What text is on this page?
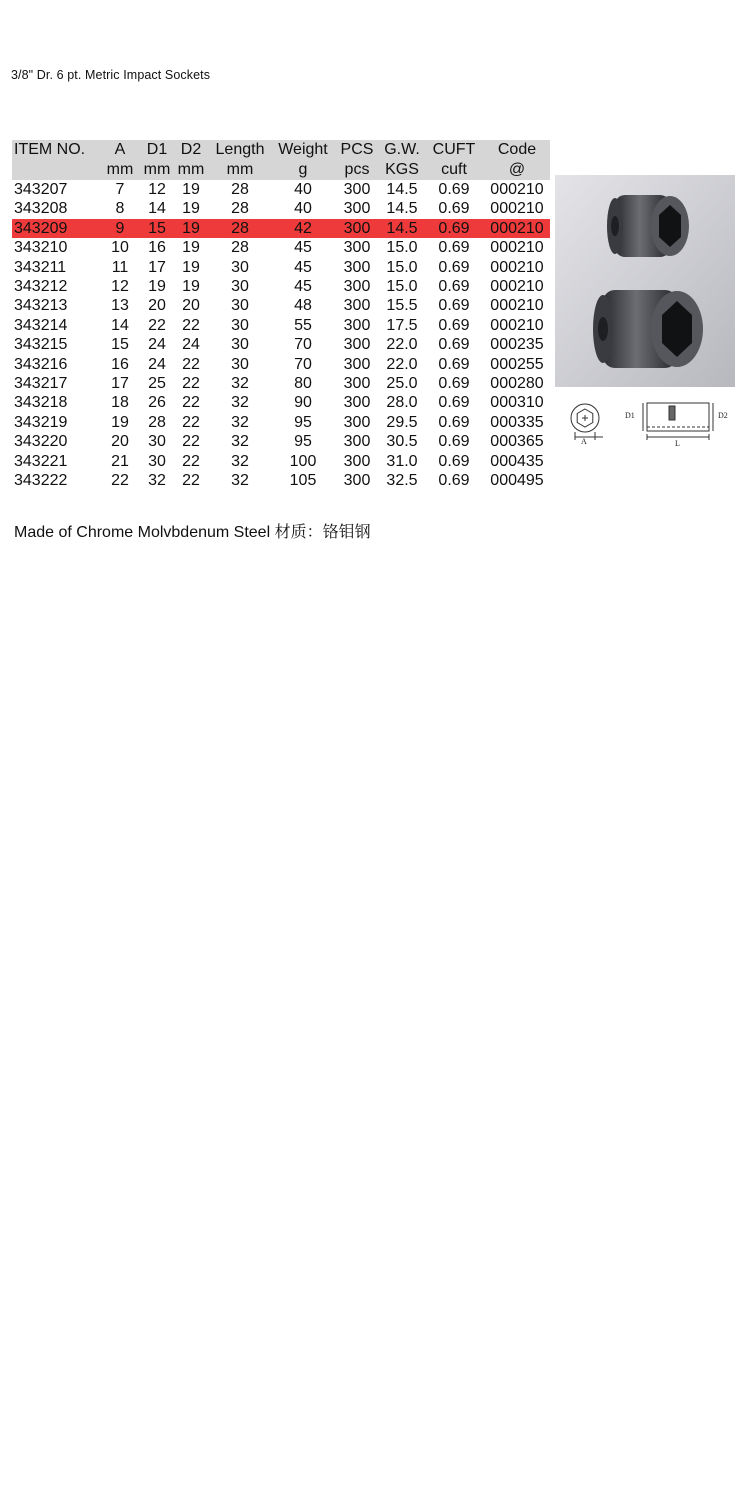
3/8" Dr. 6 pt. Metric Impact Sockets
ITEM NO.	A	D1	D2	Length	Weight	PCS	G.W.	CUFT	Code
	mm	mm	mm	mm	g	pcs	KGS	cuft	@
343207	7	12	19	28	40	300	14.5	0.69	000210
343208	8	14	19	28	40	300	14.5	0.69	000210
343209	9	15	19	28	42	300	14.5	0.69	000210
343210	10	16	19	28	45	300	15.0	0.69	000210
343211	11	17	19	30	45	300	15.0	0.69	000210
343212	12	19	19	30	45	300	15.0	0.69	000210
343213	13	20	20	30	48	300	15.5	0.69	000210
343214	14	22	22	30	55	300	17.5	0.69	000210
343215	15	24	24	30	70	300	22.0	0.69	000235
343216	16	24	22	30	70	300	22.0	0.69	000255
343217	17	25	22	32	80	300	25.0	0.69	000280
343218	18	26	22	32	90	300	28.0	0.69	000310
343219	19	28	22	32	95	300	29.5	0.69	000335
343220	20	30	22	32	95	300	30.5	0.69	000365
343221	21	30	22	32	100	300	31.0	0.69	000435
343222	22	32	22	32	105	300	32.5	0.69	000495
A
D1	D2
L
Made of Chrome Molvbdenum Steel 材质：铬钼钢
